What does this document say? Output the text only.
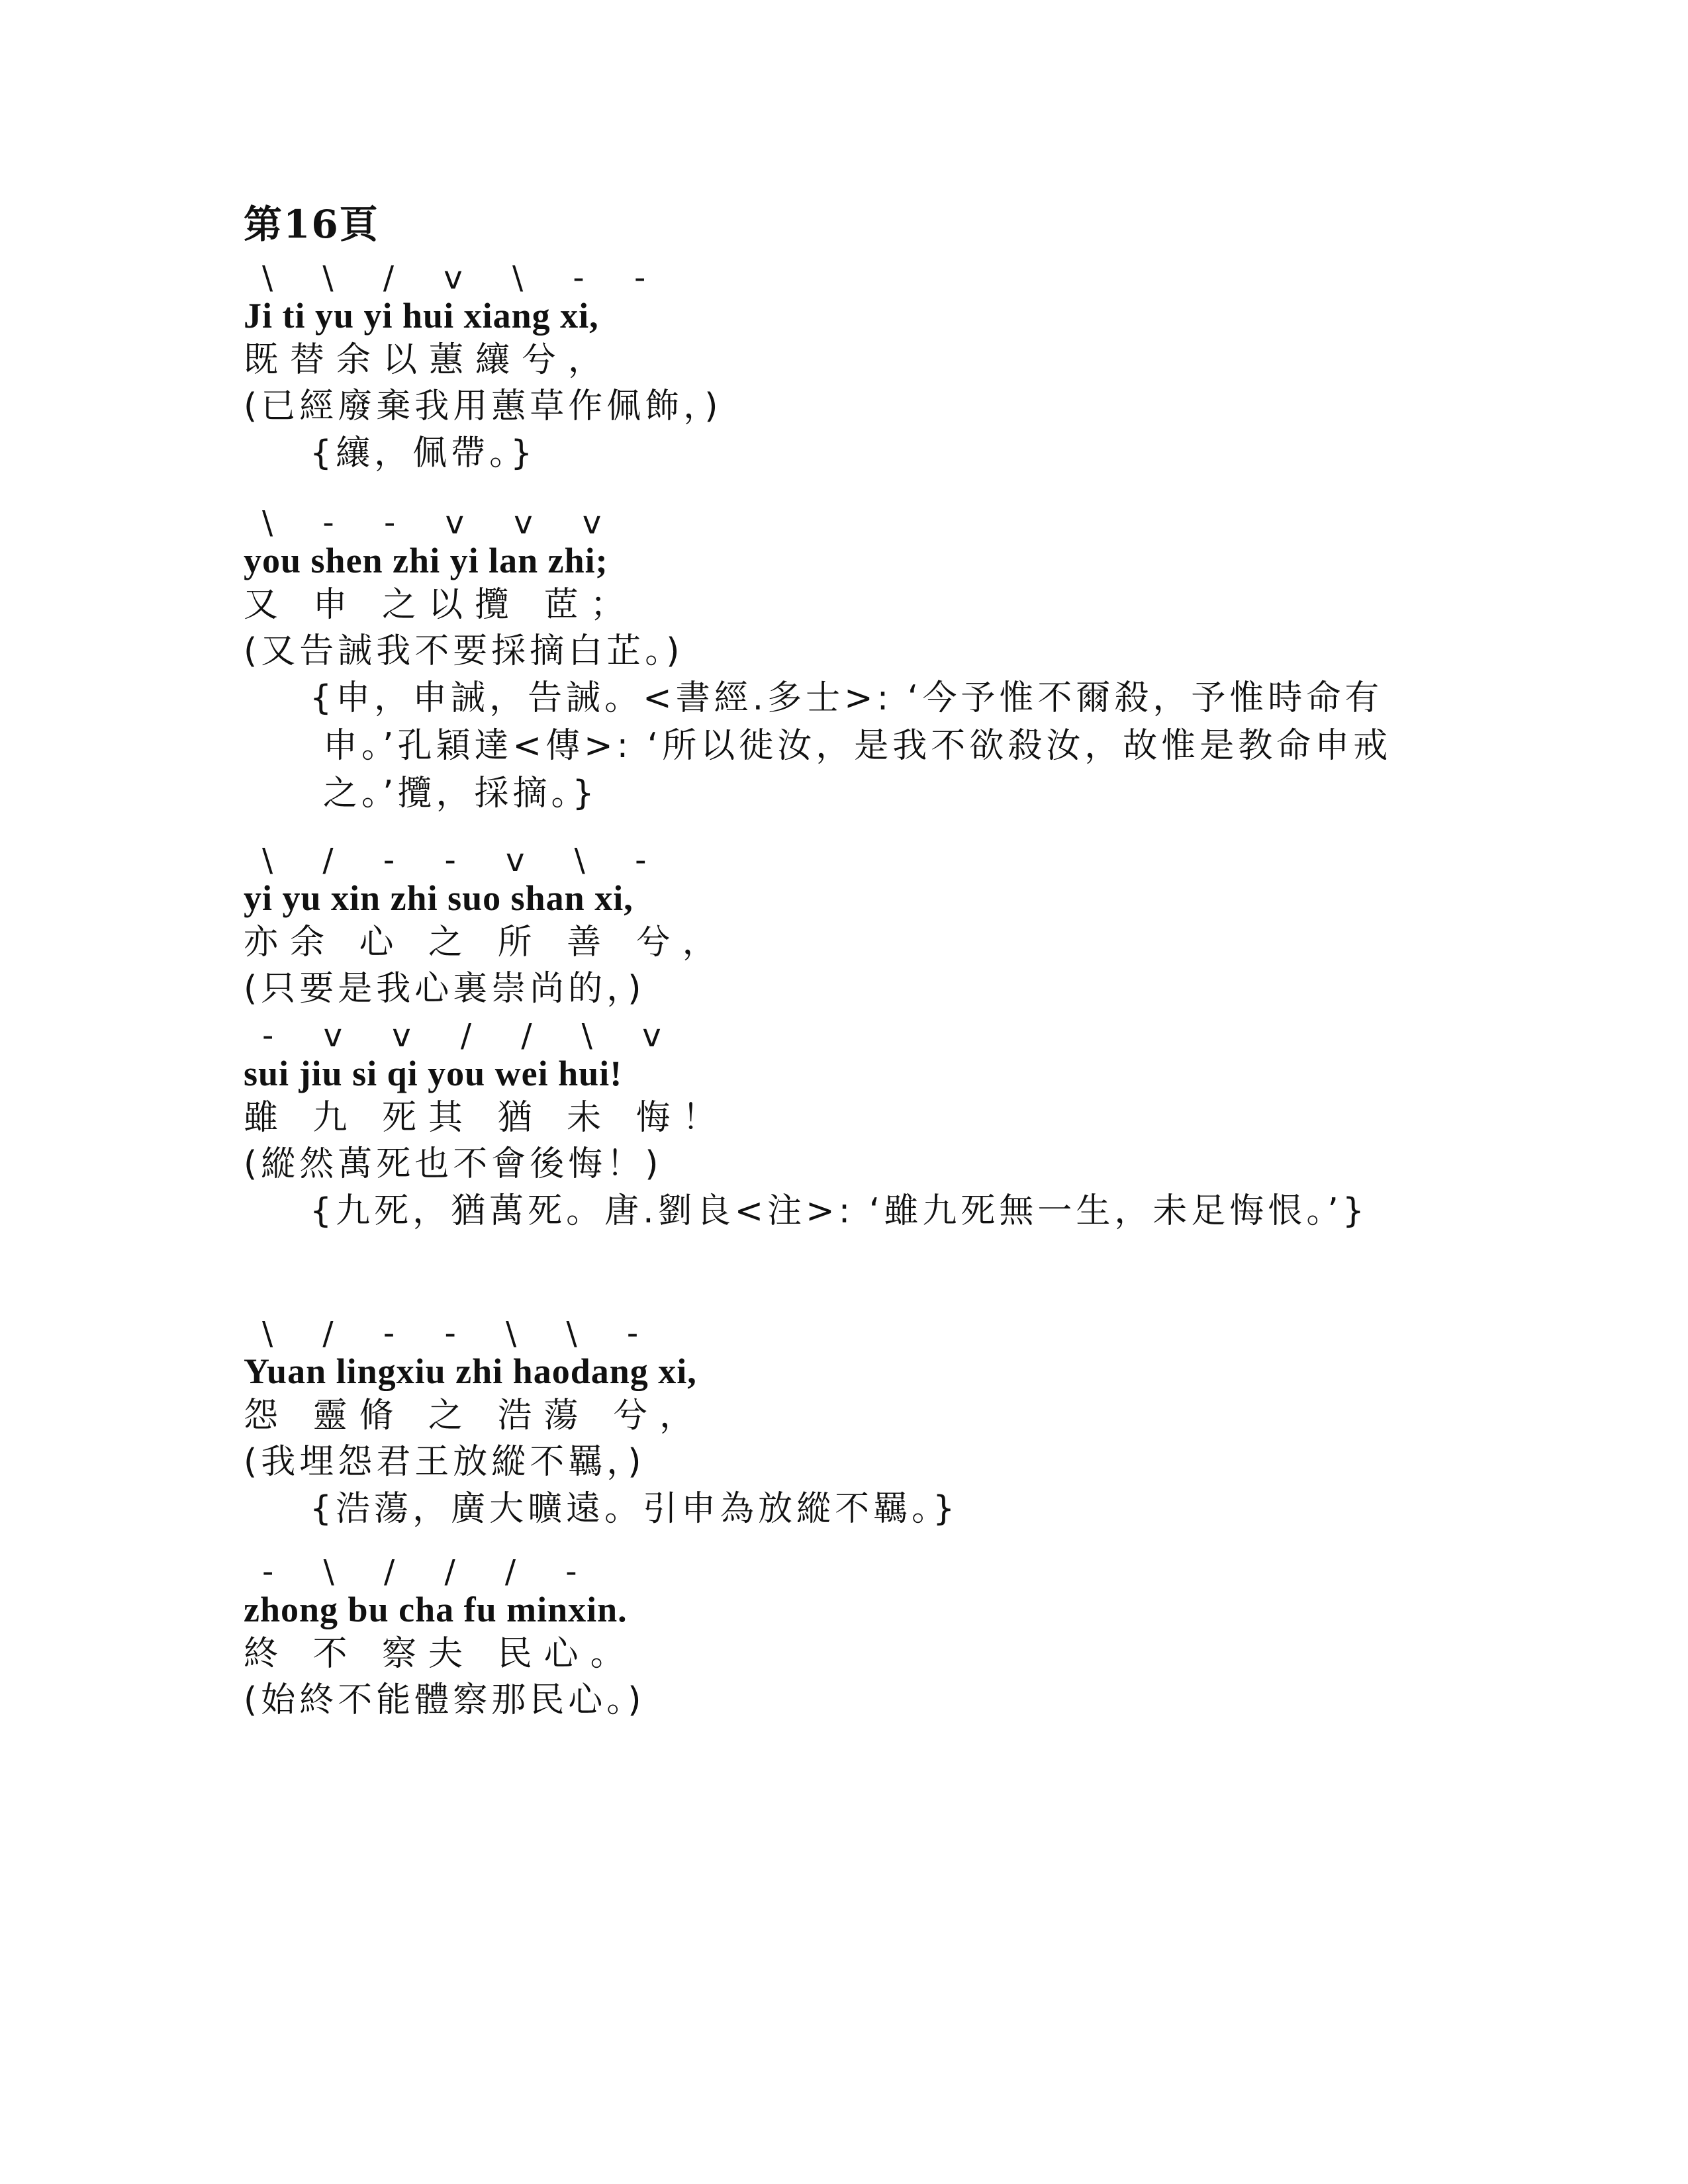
第16頁
\ \ / v \ - -
Ji ti yu yi hui xiang xi,
既替余以蕙纕兮，
(已經廢棄我用蕙草作佩飾，)
{纕，佩帶。}
\ - - v v v
you shen zhi yi lan zhi;
又 申 之以攬 茝；
(又告誡我不要採摘白芷。)
{申，申誡，告誡。<書經.多士>: ‘今予惟不爾殺，予惟時命有申。’孔穎達<傳>: ‘所以徙汝，是我不欲殺汝，故惟是教命申戒之。’攬，採摘。}
\ / - - v \ -
yi yu xin zhi suo shan xi,
亦余 心 之 所 善 兮，
(只要是我心裏崇尚的，)
- v v / / \ v
sui jiu si qi you wei hui!
雖 九 死其 猶 未 悔！
(縱然萬死也不會後悔！)
{九死，猶萬死。唐.劉良<注>: ‘雖九死無一生，未足悔恨。’}
\ / - - \ \ -
Yuan lingxiu zhi haodang xi,
怨 靈脩 之 浩蕩 兮，
(我埋怨君王放縱不羈，)
{浩蕩，廣大曠遠。引申為放縱不羈。}
- \ / / / -
zhong bu cha fu minxin.
終 不 察夫 民心。
(始終不能體察那民心。)
